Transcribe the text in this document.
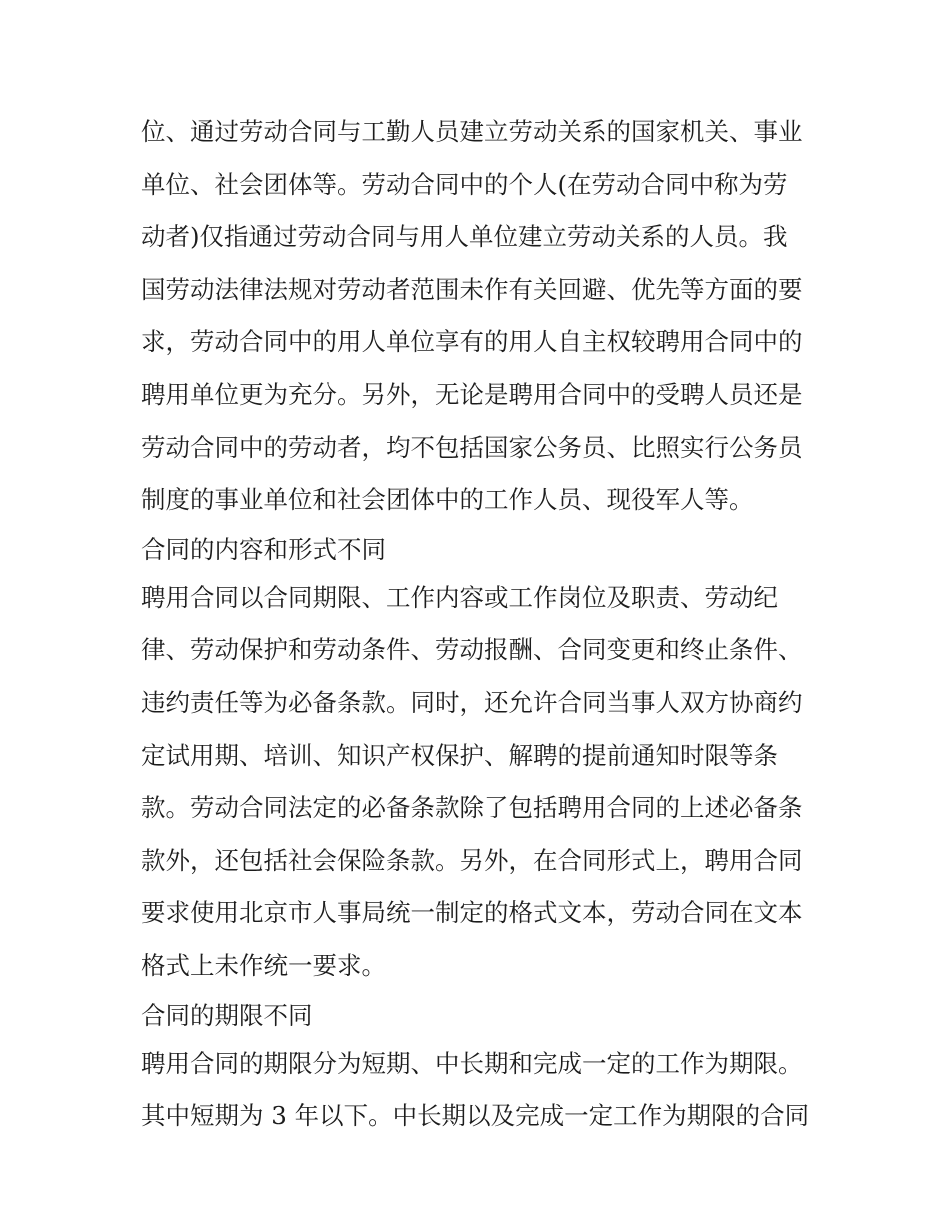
位、通过劳动合同与工勤人员建立劳动关系的国家机关、事业
单位、社会团体等。劳动合同中的个人(在劳动合同中称为劳
动者)仅指通过劳动合同与用人单位建立劳动关系的人员。我
国劳动法律法规对劳动者范围未作有关回避、优先等方面的要
求，劳动合同中的用人单位享有的用人自主权较聘用合同中的
聘用单位更为充分。另外，无论是聘用合同中的受聘人员还是
劳动合同中的劳动者，均不包括国家公务员、比照实行公务员
制度的事业单位和社会团体中的工作人员、现役军人等。
合同的内容和形式不同
聘用合同以合同期限、工作内容或工作岗位及职责、劳动纪
律、劳动保护和劳动条件、劳动报酬、合同变更和终止条件、
违约责任等为必备条款。同时，还允许合同当事人双方协商约
定试用期、培训、知识产权保护、解聘的提前通知时限等条
款。劳动合同法定的必备条款除了包括聘用合同的上述必备条
款外，还包括社会保险条款。另外，在合同形式上，聘用合同
要求使用北京市人事局统一制定的格式文本，劳动合同在文本
格式上未作统一要求。
合同的期限不同
聘用合同的期限分为短期、中长期和完成一定的工作为期限。
其中短期为 3 年以下。中长期以及完成一定工作为期限的合同
